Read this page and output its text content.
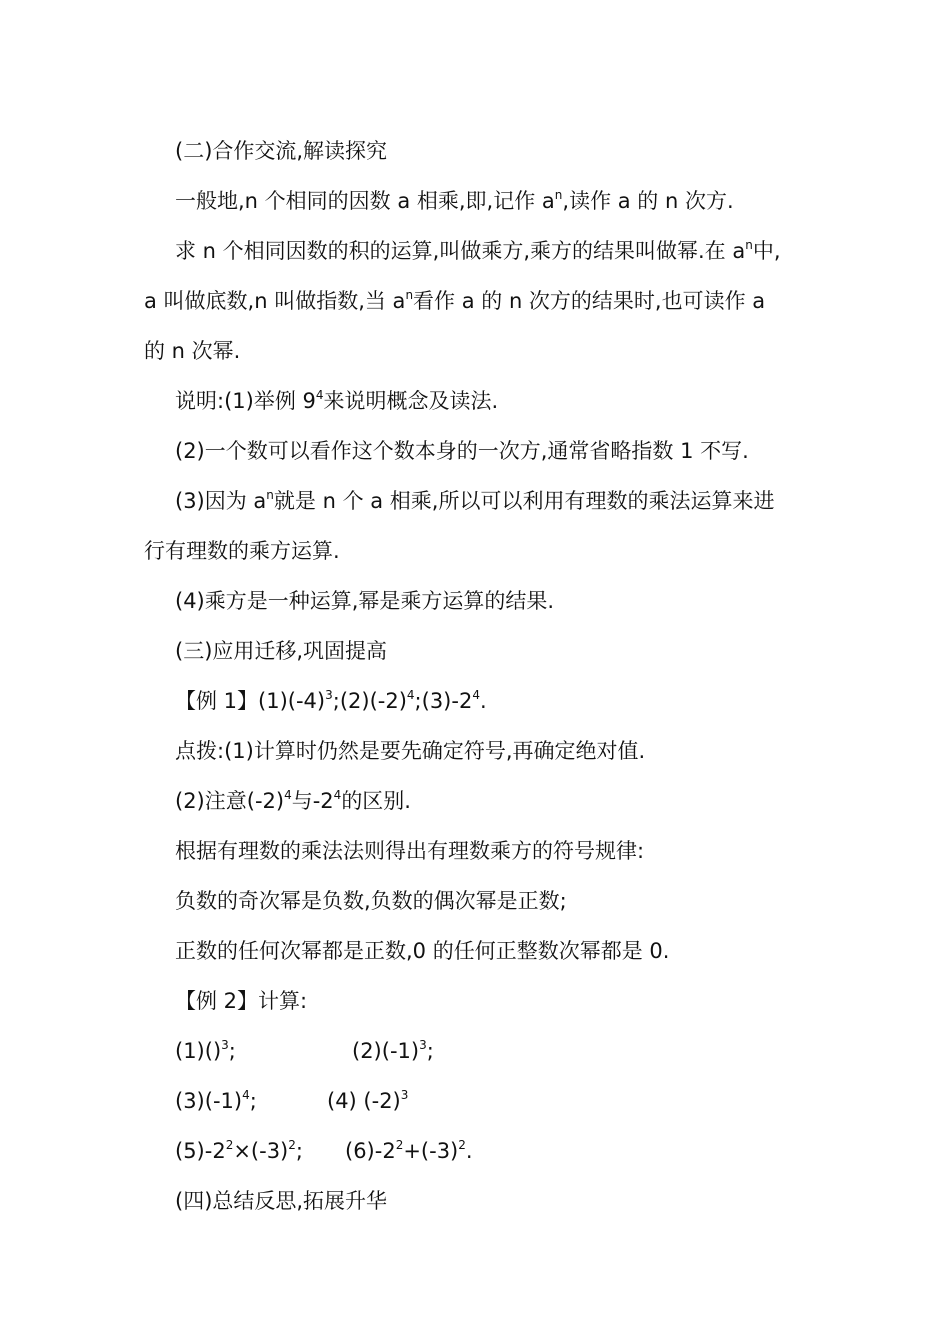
(二)合作交流,解读探究
一般地,n 个相同的因数 a 相乘,即,记作 $a^n$,读作 a 的 n 次方.
求 n 个相同因数的积的运算,叫做乘方,乘方的结果叫做幂.在 $a^n$中,
a 叫做底数,n 叫做指数,当 $a^n$看作 a 的 n 次方的结果时,也可读作 a
的 n 次幂.
说明:(1)举例 $9^4$来说明概念及读法.
(2)一个数可以看作这个数本身的一次方,通常省略指数 1 不写.
(3)因为 $a^n$就是 n 个 a 相乘,所以可以利用有理数的乘法运算来进
行有理数的乘方运算.
(4)乘方是一种运算,幂是乘方运算的结果.
(三)应用迁移,巩固提高
【例 1】$(1)(-4)^3;(2)(-2)^4;(3)-2^4$.
点拨:(1)计算时仍然是要先确定符号,再确定绝对值.
(2)注意$(-2)^4$与$-2^4$的区别.
根据有理数的乘法法则得出有理数乘方的符号规律:
负数的奇次幂是负数,负数的偶次幂是正数;
正数的任何次幂都是正数,0 的任何正整数次幂都是 0.
【例 2】计算:
(1)()$^3$;	$(2)(-1)^3$;
$(3)(-1)^4$;	(4) $(-2)^3$
$(5)-2^2\times(-3)^2$; $(6)-2^2+(-3)^2$.
(四)总结反思,拓展升华
